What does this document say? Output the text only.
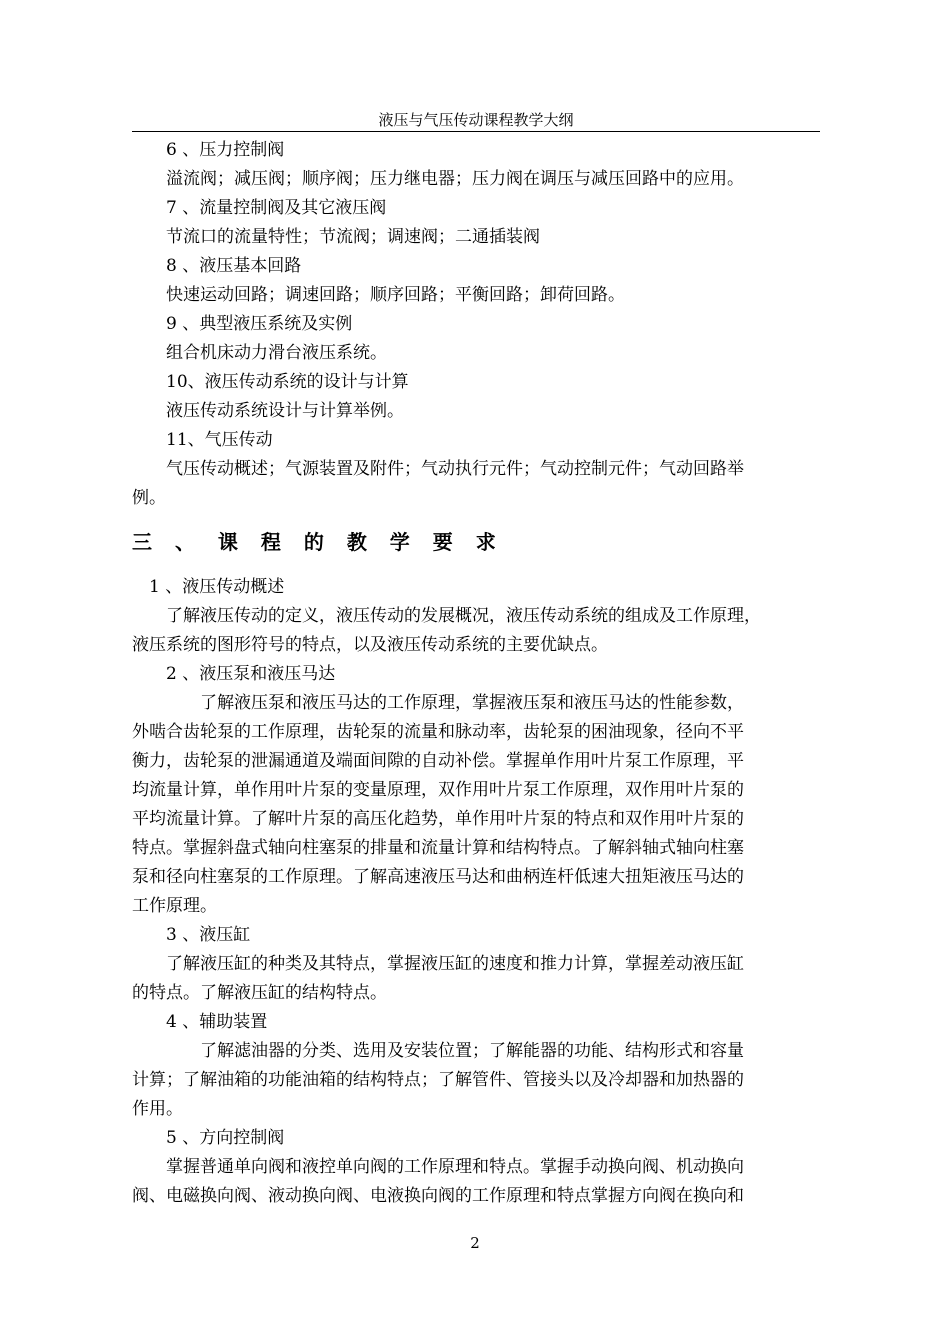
液压与气压传动课程教学大纲
　　6 、压力控制阀
　　溢流阀；减压阀；顺序阀；压力继电器；压力阀在调压与减压回路中的应用。
　　7 、流量控制阀及其它液压阀
　　节流口的流量特性；节流阀；调速阀；二通插装阀
　　8 、液压基本回路
　　快速运动回路；调速回路；顺序回路；平衡回路；卸荷回路。
　　9 、典型液压系统及实例
　　组合机床动力滑台液压系统。
　　10、液压传动系统的设计与计算
　　液压传动系统设计与计算举例。
　　11、气压传动
　　气压传动概述；气源装置及附件；气动执行元件；气动控制元件；气动回路举
例。
三 、 课 程 的 教 学 要 求
　1 、液压传动概述
　　了解液压传动的定义，液压传动的发展概况，液压传动系统的组成及工作原理，
液压系统的图形符号的特点，以及液压传动系统的主要优缺点。
　　2 、液压泵和液压马达
　　　　了解液压泵和液压马达的工作原理，掌握液压泵和液压马达的性能参数，
外啮合齿轮泵的工作原理，齿轮泵的流量和脉动率，齿轮泵的困油现象，径向不平
衡力，齿轮泵的泄漏通道及端面间隙的自动补偿。掌握单作用叶片泵工作原理，平
均流量计算，单作用叶片泵的变量原理，双作用叶片泵工作原理，双作用叶片泵的
平均流量计算。了解叶片泵的高压化趋势，单作用叶片泵的特点和双作用叶片泵的
特点。掌握斜盘式轴向柱塞泵的排量和流量计算和结构特点。了解斜轴式轴向柱塞
泵和径向柱塞泵的工作原理。了解高速液压马达和曲柄连杆低速大扭矩液压马达的
工作原理。
　　3 、液压缸
　　了解液压缸的种类及其特点，掌握液压缸的速度和推力计算，掌握差动液压缸
的特点。了解液压缸的结构特点。
　　4 、辅助装置
　　　　了解滤油器的分类、选用及安装位置；了解能器的功能、结构形式和容量
计算；了解油箱的功能油箱的结构特点；了解管件、管接头以及冷却器和加热器的
作用。
　　5 、方向控制阀
　　掌握普通单向阀和液控单向阀的工作原理和特点。掌握手动换向阀、机动换向
阀、电磁换向阀、液动换向阀、电液换向阀的工作原理和特点掌握方向阀在换向和
2
